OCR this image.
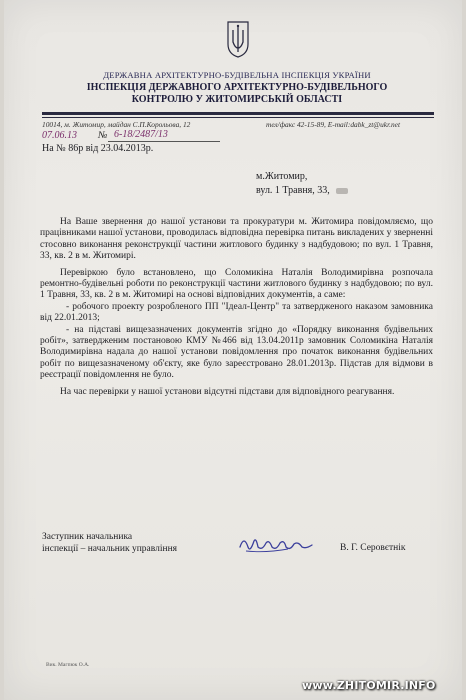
ДЕРЖАВНА АРХІТЕКТУРНО-БУДІВЕЛЬНА ІНСПЕКЦІЯ УКРАЇНИ
ІНСПЕКЦІЯ ДЕРЖАВНОГО АРХІТЕКТУРНО-БУДІВЕЛЬНОГО
КОНТРОЛЮ У ЖИТОМИРСЬКІЙ ОБЛАСТІ
10014, м. Житомир, майдан С.П.Корольова, 12	тел/факс 42-15-89, E-mail:dabk_zt@ukr.net
07.06.13 № 6-18/2487/13
На № 86р від 23.04.2013р.
м.Житомир,
вул. 1 Травня, 33,

На Ваше звернення до нашої установи та прокуратури м. Житомира повідомляємо, що працівниками нашої установи, проводилась відповідна перевірка питань викладених у зверненні стосовно виконання реконструкції частини житлового будинку з надбудовою; по вул. 1 Травня, 33, кв. 2 в м. Житомирі.

Перевіркою було встановлено, що Соломикіна Наталія Володимирівна розпочала ремонтно-будівельні роботи по реконструкції частини житлового будинку з надбудовою; по вул. 1 Травня, 33, кв. 2 в м. Житомирі на основі відповідних документів, а саме:

- робочого проекту розробленого ПП "Ідеал-Центр" та затвердженого наказом замовника від 22.01.2013;

- на підставі вищезазначених документів згідно до «Порядку виконання будівельних робіт», затвердженим постановою КМУ №466 від 13.04.2011р замовник Соломикіна Наталія Володимирівна надала до нашої установи повідомлення про початок виконання будівельних робіт по вищезазначеному об'єкту, яке було зареєстровано 28.01.2013р. Підстав для відмови в реєстрації повідомлення не було.

На час перевірки у нашої установи відсутні підстави для відповідного реагування.

Заступник начальника
інспекції – начальник управління	В. Г. Серовєтнік
Вик. Магпюк О.А.
www.ZHITOMIR.INFO
